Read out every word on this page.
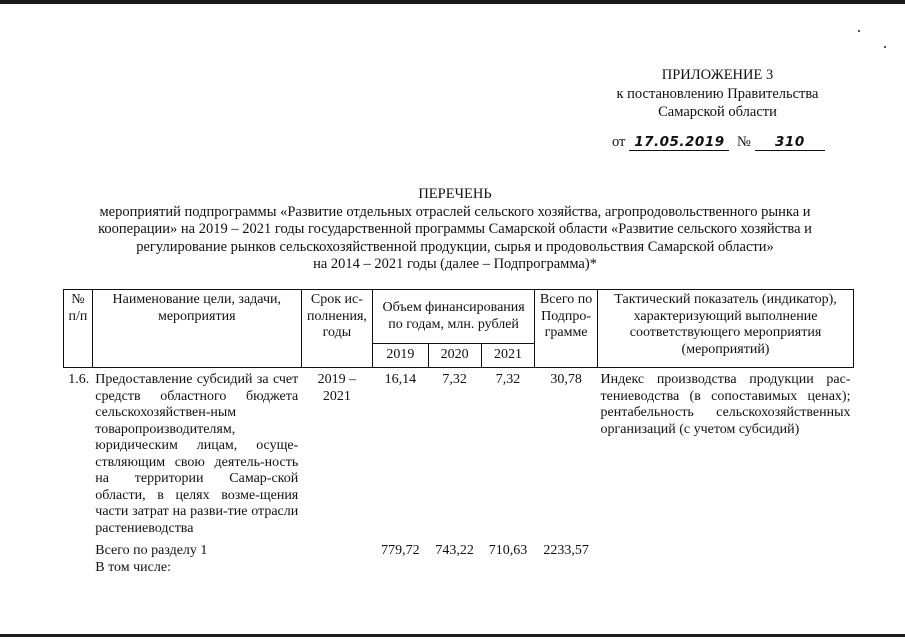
ПРИЛОЖЕНИЕ 3
к постановлению Правительства
Самарской области
от 17.05.2019 № 310
ПЕРЕЧЕНЬ
мероприятий подпрограммы «Развитие отдельных отраслей сельского хозяйства, агропродовольственного рынка и
кооперации» на 2019 – 2021 годы государственной программы Самарской области «Развитие сельского хозяйства и
регулирование рынков сельскохозяйственной продукции, сырья и продовольствия Самарской области»
на 2014 – 2021 годы (далее – Подпрограмма)*
№ п/п	Наименование цели, задачи, мероприятия	Срок ис-полнения, годы	Объем финансирования по годам, млн. рублей			Всего по Подпро-грамме	Тактический показатель (индикатор), характеризующий выполнение соответствующего мероприятия (мероприятий)
			2019	2020	2021		
1.6.	Предоставление субсидий за счет средств областного бюджета сельскохозяйствен-ным товаропроизводителям, юридическим лицам, осуще-ствляющим свою деятель-ность на территории Самар-ской области, в целях возме-щения части затрат на разви-тие отрасли растениеводства	2019 – 2021	16,14	7,32	7,32	30,78	Индекс производства продукции рас-тениеводства (в сопоставимых ценах); рентабельность сельскохозяйственных организаций (с учетом субсидий)
	Всего по разделу 1		779,72	743,22	710,63	2233,57	
	В том числе:						
